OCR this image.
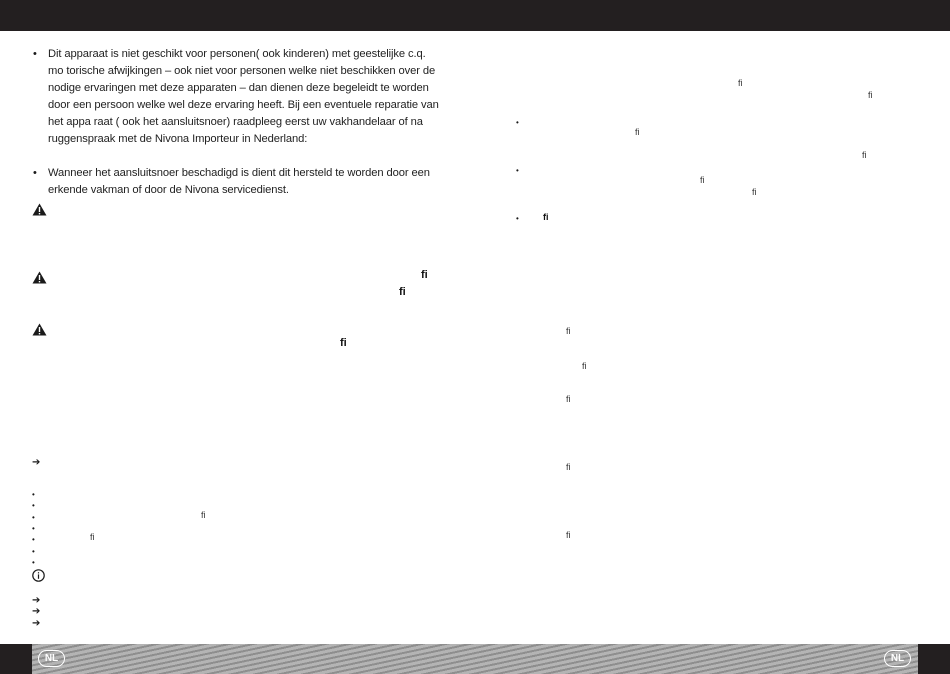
• Dit apparaat is niet geschikt voor personen( ook kinderen) met geestelijke c.q. mo torische afwijkingen – ook niet voor personen welke niet beschikken over de nodige ervaringen met deze apparaten – dan dienen deze begeleidt te worden door een persoon welke wel deze ervaring heeft. Bij een eventuele reparatie van het appa raat ( ook het aansluitsnoer) raadpleeg eerst uw vakhandelaar of na ruggenspraak met de Nivona Importeur in Nederland:
• Wanneer het aansluitsnoer beschadigd is dient dit hersteld te worden door een erkende vakman of door de Nivona servicedienst.
ﬁ
ﬁ
ﬁ
➔
•
•
•
•
•
•
•
ﬁ
ﬁ
➔
➔
➔
ﬁ
ﬁ
•
ﬁ
ﬁ
•
ﬁ
ﬁ
•	ﬁ
ﬁ
ﬁ
ﬁ
ﬁ
ﬁ
NL	NL
